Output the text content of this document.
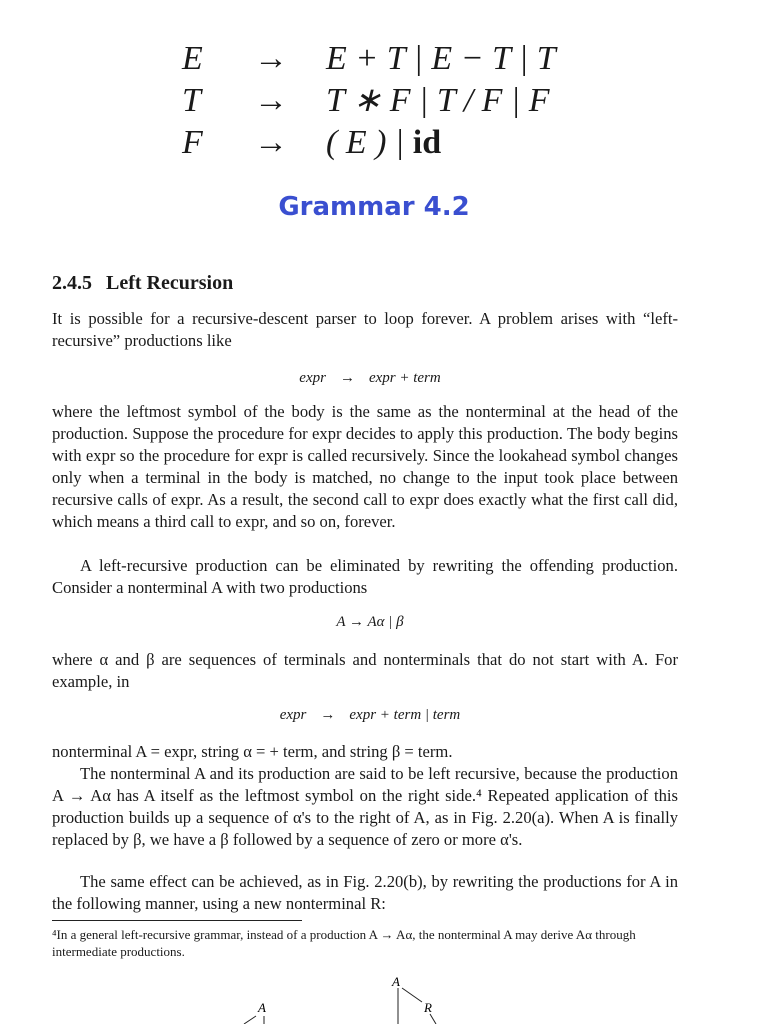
E → E + T | E − T | T
T → T ∗ F | T / F | F
F → ( E ) | id
Grammar 4.2
2.4.5 Left Recursion
It is possible for a recursive-descent parser to loop forever. A problem arises with “left-recursive” productions like
expr → expr + term
where the leftmost symbol of the body is the same as the nonterminal at the head of the production. Suppose the procedure for expr decides to apply this production. The body begins with expr so the procedure for expr is called recursively. Since the lookahead symbol changes only when a terminal in the body is matched, no change to the input took place between recursive calls of expr. As a result, the second call to expr does exactly what the first call did, which means a third call to expr, and so on, forever.
A left-recursive production can be eliminated by rewriting the offending production. Consider a nonterminal A with two productions
A → Aα | β
where α and β are sequences of terminals and nonterminals that do not start with A. For example, in
expr → expr + term | term
nonterminal A = expr, string α = + term, and string β = term.
The nonterminal A and its production are said to be left recursive, because the production A → Aα has A itself as the leftmost symbol on the right side.⁴ Repeated application of this production builds up a sequence of α's to the right of A, as in Fig. 2.20(a). When A is finally replaced by β, we have a β followed by a sequence of zero or more α's.
The same effect can be achieved, as in Fig. 2.20(b), by rewriting the productions for A in the following manner, using a new nonterminal R:
⁴In a general left-recursive grammar, instead of a production A → Aα, the nonterminal A may derive Aα through intermediate productions.
A
R
A
